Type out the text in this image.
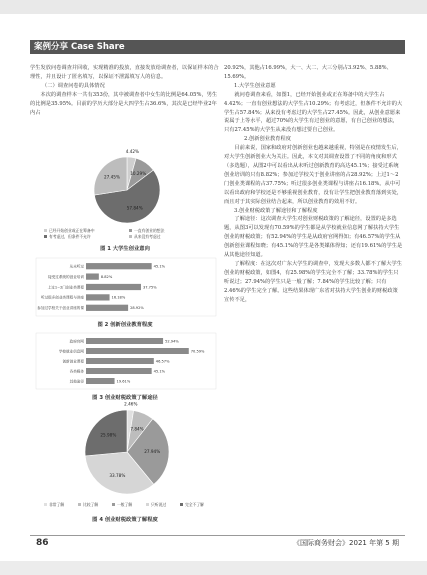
案例分享 Case Share

学生发放问卷调查并回收，实现精准的投放，直接发放给调查者，以保证样本的合理性，并且设计了匿名填写，以保证不泄露填写人的信息。

（二）调查问卷的具体情况

本次的调查样本一共有353份，其中被调查者中女生的比例是64.05%，男生的比例是35.95%。目前的学历大部分是大四学生占36.6%，其次是已经毕业2年内占

4.42%
10.29%
57.84%
27.45%
已经开始创业或正在筹备中	一直有创业的想法
有考虑过，但条件不允许	从来没有考虑过
图 1 大学生创业意向
从未听过	45.1%
接受过系统的创业培训	8.82%
上过1~2门创业类课程	37.75%
听过很多创业类课程与讲座	16.18%
参加过学校关于创业讲座的课	28.92%
图 2 创新创业教育程度
政府官网	52.94%
学校就业信息网	70.59%
创新创业课程	46.57%
各类媒体	45.1%
其他途径	19.61%
图 3 创业财税政策了解途径
2.46%
7.84%
27.94%
33.78%
25.98%
非常了解	比较了解	一般了解	只听说过	完全不了解
图 4 创业财税政策了解程度

20.92%，其他占16.99%，大一、大二、大三分别占3.92%、5.88%、15.69%。

1.大学生创业意愿

就问卷调查来看，如图1，已经开始创业或正在筹备中的大学生占4.42%；一直有创业想法的大学生占10.29%；有考虑过，但条件不允许的大学生占57.84%；从来没有考虑过的大学生占27.45%。因此，从创业意愿来说属于上等水平，超过70%的大学生有过创业的意愿，有自己创业的想法，只有27.45%的大学生从来没有想过要自己创业。

2.创新创业教育程度

目前来说，国家和政府对创新创业也越来越重视，特别是在疫情发生后，对大学生创新创业大为关注。因此，本文对其调查设置了不同的角度和形式（多选题），从图2中可以看出从未听过创新教育的高达45.1%；接受过系统创业培训的只有8.82%；参加过学校关于创业讲座的占28.92%；上过1～2门创业类课程的占37.75%；听过很多创业类课程与讲座占16.18%。从中可以看出政府和学校还是不够重视创业教育，没有让学生把创业教育落到实处，而且对于其实际创业结合起来，所以创业教育的效用不好。

3.创业财税政策了解途径和了解程度

了解途径：这次调查大学生对创业财税政策的了解途径，设置的是多选题，从图3可以发现有70.59%的学生都是从学校就业信息网了解扶持大学生创业的财税政策；有52.94%的学生是从政府官网得知；有46.57%的学生从创新创业课程知晓；有45.1%的学生是各类媒体得知；还有19.61%的学生是从其他途径知道。

了解程度：在这次对广东大学生的调查中，发现大多数人都不了解大学生创业的财税政策，如图4，有25.98%的学生完全不了解；33.78%的学生只听说过；27.94%的学生只是一般了解；7.84%的学生比较了解；只有2.46%的学生完全了解。这些结果体现广东省对扶持大学生创业的财税政策宣传不足，

86	《国际商务财会》2021 年第 5 期
